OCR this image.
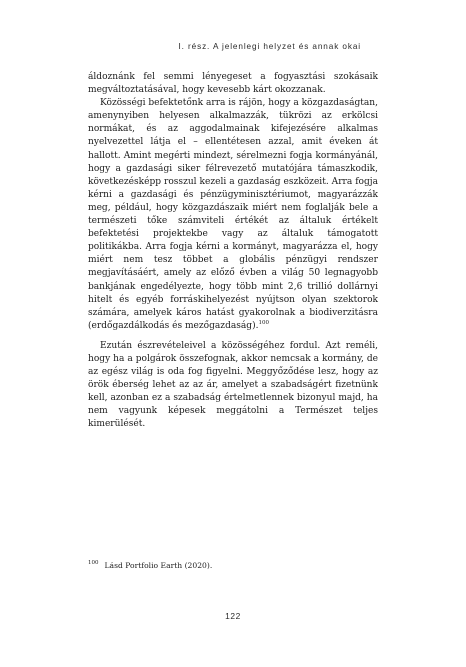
I. rész. A jelenlegi helyzet és annak okai

áldoznánk fel semmi lényegeset a fogyasztási szokásaik megváltoztatásával, hogy kevesebb kárt okozzanak.

Közösségi befektetőnk arra is rájön, hogy a közgazdaságtan, amenynyiben helyesen alkalmazzák, tükrözi az erkölcsi normákat, és az aggodalmainak kifejezésére alkalmas nyelvezettel látja el – ellentétesen azzal, amit éveken át hallott. Amint megérti mindezt, sérelmezni fogja kormányánál, hogy a gazdasági siker félrevezető mutatójára támaszkodik, következésképp rosszul kezeli a gazdaság eszközeit. Arra fogja kérni a gazdasági és pénzügyminisztériumot, magyarázzák meg, például, hogy közgazdászaik miért nem foglalják bele a természeti tőke számviteli értékét az általuk értékelt befektetési projektekbe vagy az általuk támogatott politikákba. Arra fogja kérni a kormányt, magyarázza el, hogy miért nem tesz többet a globális pénzügyi rendszer megjavításáért, amely az előző évben a világ 50 legnagyobb bankjának engedélyezte, hogy több mint 2,6 trillió dollárnyi hitelt és egyéb forráskihelyezést nyújtson olyan szektorok számára, amelyek káros hatást gyakorolnak a biodiverzitásra (erdőgazdálkodás és mezőgazdaság).$^{100}$

Ezután észrevételeivel a közösségéhez fordul. Azt reméli, hogy ha a polgárok összefognak, akkor nemcsak a kormány, de az egész világ is oda fog figyelni. Meggyőződése lesz, hogy az örök éberség lehet az az ár, amelyet a szabadságért fizetnünk kell, azonban ez a szabadság értelmetlennek bizonyul majd, ha nem vagyunk képesek meggátolni a Természet teljes kimerülését.

$^{100}$ Lásd Portfolio Earth (2020).
122
